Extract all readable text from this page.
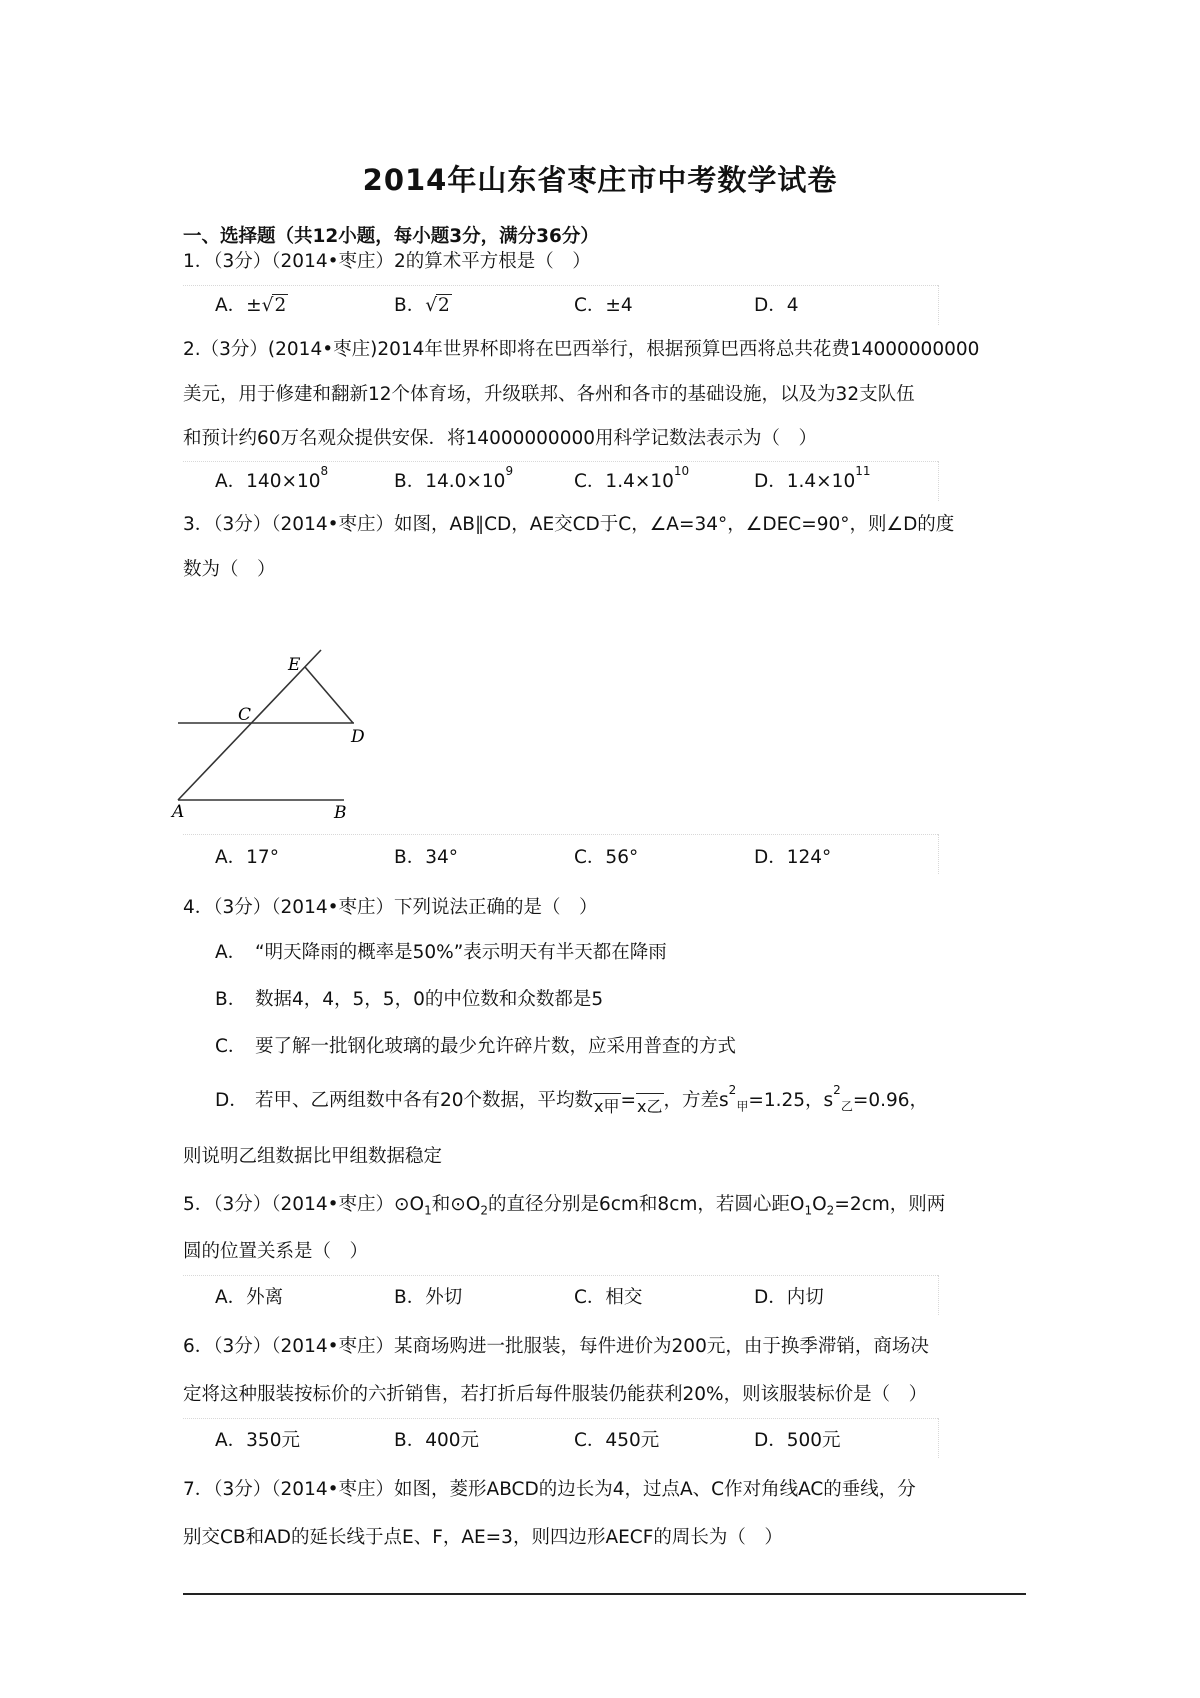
2014年山东省枣庄市中考数学试卷
一、选择题（共12小题，每小题3分，满分36分）
1．（3分）（2014•枣庄）2的算术平方根是（　）
A．±√2	B．√2	C．±4	D．4
2.（3分）(2014•枣庄)2014年世界杯即将在巴西举行，根据预算巴西将总共花费14000000000
美元，用于修建和翻新12个体育场，升级联邦、各州和各市的基础设施，以及为32支队伍
和预计约60万名观众提供安保．将14000000000用科学记数法表示为（　）
A．$140\times 10^8$	B．$14.0\times 10^9$	C．$1.4\times 10^{10}$	D．$1.4\times 10^{11}$
3．（3分）（2014•枣庄）如图，AB∥CD，AE交CD于C，∠A=34°，∠DEC=90°，则∠D的度
数为（　）
E
C
D
A	B
A．17°	B．34°	C．56°	D．124°
4．（3分）（2014•枣庄）下列说法正确的是（　）
A． “明天降雨的概率是50%”表示明天有半天都在降雨
B． 数据4，4，5，5，0的中位数和众数都是5
C． 要了解一批钢化玻璃的最少允许碎片数，应采用普查的方式
D． 若甲、乙两组数中各有20个数据，平均数x甲=x乙，方差$s^2_甲=1.25$，$s^2_乙=0.96$，
则说明乙组数据比甲组数据稳定
5．（3分）（2014•枣庄）$⊙O_1$和$⊙O_2$的直径分别是6cm和8cm，若圆心距$O_1O_2=2cm$，则两
圆的位置关系是（　）
A．外离	B．外切	C．相交	D．内切
6．（3分）（2014•枣庄）某商场购进一批服装，每件进价为200元，由于换季滞销，商场决
定将这种服装按标价的六折销售，若打折后每件服装仍能获利20%，则该服装标价是（　）
A．350元	B．400元	C．450元	D．500元
7．（3分）（2014•枣庄）如图，菱形ABCD的边长为4，过点A、C作对角线AC的垂线，分
别交CB和AD的延长线于点E、F，AE=3，则四边形AECF的周长为（　）
